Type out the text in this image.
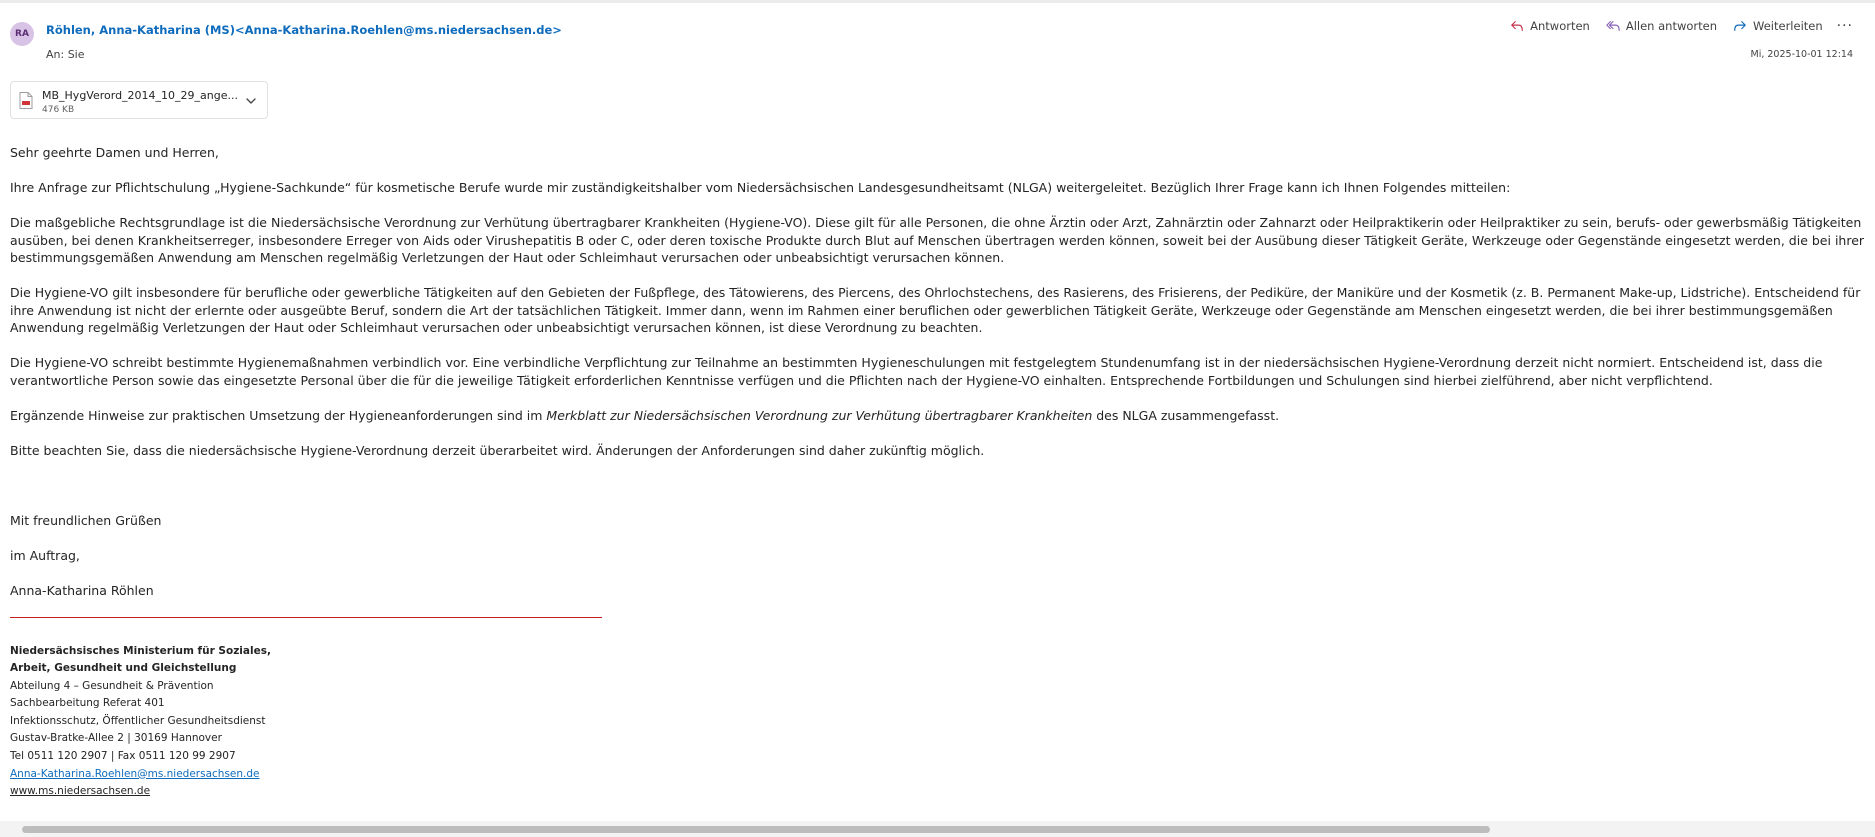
RA	Röhlen, Anna-Katharina (MS)<Anna-Katharina.Roehlen@ms.niedersachsen.de>
An: Sie
Antworten	Allen antworten	Weiterleiten ···
Mi, 2025-10-01 12:14
MB_HygVerord_2014_10_29_ange...
476 KB

Sehr geehrte Damen und Herren,

Ihre Anfrage zur Pflichtschulung „Hygiene-Sachkunde“ für kosmetische Berufe wurde mir zuständigkeitshalber vom Niedersächsischen Landesgesundheitsamt (NLGA) weitergeleitet. Bezüglich Ihrer Frage kann ich Ihnen Folgendes mitteilen:

Die maßgebliche Rechtsgrundlage ist die Niedersächsische Verordnung zur Verhütung übertragbarer Krankheiten (Hygiene-VO). Diese gilt für alle Personen, die ohne Ärztin oder Arzt, Zahnärztin oder Zahnarzt oder Heilpraktikerin oder Heilpraktiker zu sein, berufs- oder gewerbsmäßig Tätigkeiten ausüben, bei denen Krankheitserreger, insbesondere Erreger von Aids oder Virushepatitis B oder C, oder deren toxische Produkte durch Blut auf Menschen übertragen werden können, soweit bei der Ausübung dieser Tätigkeit Geräte, Werkzeuge oder Gegenstände eingesetzt werden, die bei ihrer bestimmungsgemäßen Anwendung am Menschen regelmäßig Verletzungen der Haut oder Schleimhaut verursachen oder unbeabsichtigt verursachen können.

Die Hygiene-VO gilt insbesondere für berufliche oder gewerbliche Tätigkeiten auf den Gebieten der Fußpflege, des Tätowierens, des Piercens, des Ohrlochstechens, des Rasierens, des Frisierens, der Pediküre, der Maniküre und der Kosmetik (z. B. Permanent Make-up, Lidstriche). Entscheidend für ihre Anwendung ist nicht der erlernte oder ausgeübte Beruf, sondern die Art der tatsächlichen Tätigkeit. Immer dann, wenn im Rahmen einer beruflichen oder gewerblichen Tätigkeit Geräte, Werkzeuge oder Gegenstände am Menschen eingesetzt werden, die bei ihrer bestimmungsgemäßen Anwendung regelmäßig Verletzungen der Haut oder Schleimhaut verursachen oder unbeabsichtigt verursachen können, ist diese Verordnung zu beachten.

Die Hygiene-VO schreibt bestimmte Hygienemaßnahmen verbindlich vor. Eine verbindliche Verpflichtung zur Teilnahme an bestimmten Hygieneschulungen mit festgelegtem Stundenumfang ist in der niedersächsischen Hygiene-Verordnung derzeit nicht normiert. Entscheidend ist, dass die verantwortliche Person sowie das eingesetzte Personal über die für die jeweilige Tätigkeit erforderlichen Kenntnisse verfügen und die Pflichten nach der Hygiene-VO einhalten. Entsprechende Fortbildungen und Schulungen sind hierbei zielführend, aber nicht verpflichtend.

Ergänzende Hinweise zur praktischen Umsetzung der Hygieneanforderungen sind im Merkblatt zur Niedersächsischen Verordnung zur Verhütung übertragbarer Krankheiten des NLGA zusammengefasst.

Bitte beachten Sie, dass die niedersächsische Hygiene-Verordnung derzeit überarbeitet wird. Änderungen der Anforderungen sind daher zukünftig möglich.

Mit freundlichen Grüßen

im Auftrag,

Anna-Katharina Röhlen

Niedersächsisches Ministerium für Soziales,
Arbeit, Gesundheit und Gleichstellung
Abteilung 4 – Gesundheit & Prävention
Sachbearbeitung Referat 401
Infektionsschutz, Öffentlicher Gesundheitsdienst
Gustav-Bratke-Allee 2 | 30169 Hannover
Tel 0511 120 2907 | Fax 0511 120 99 2907
Anna-Katharina.Roehlen@ms.niedersachsen.de
www.ms.niedersachsen.de
